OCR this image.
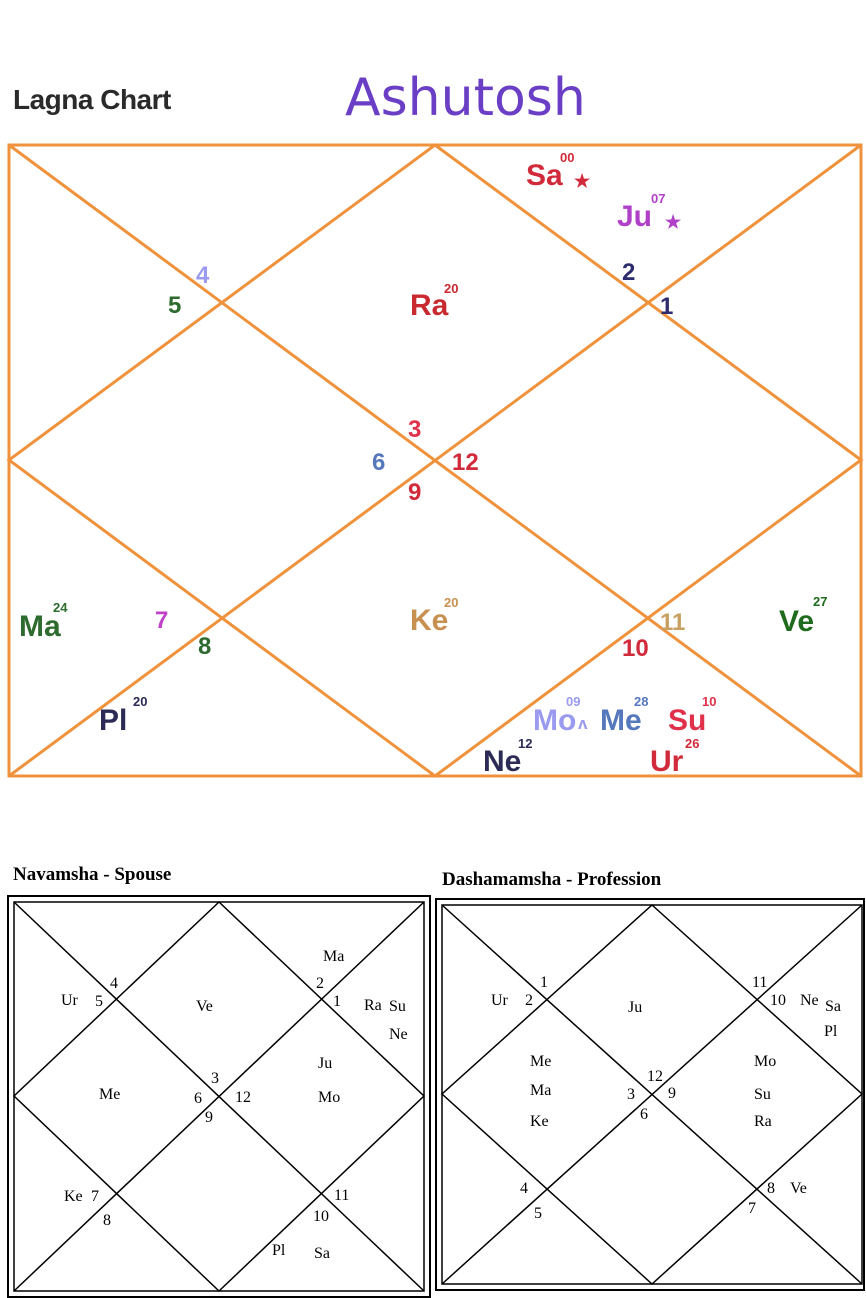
Lagna Chart	Ashutosh
1
2
3
4
5
6
7
8
9
10
11
12
Sa
00
★
Ju
07
★
Ra
20
Ke
20
Ma
24	Ve
27
Pl
20
Mo
09
ʌ Me
28
Su
10
Ne
12
Ur
26
Navamsha - Spouse	Dashamamsha - Profession
4
5
Ur	Ve
Ma
2
1 Ra Su
Ne
Me
3
6 12
9
Ju
Mo
Ke 7
8
11
10
Pl Sa
1
2
Ur	Ju
11
10 Ne Sa
Pl
Me
Ma
Ke
12
3 9
6
Mo
Su
Ra
4
5
8 Ve
7
